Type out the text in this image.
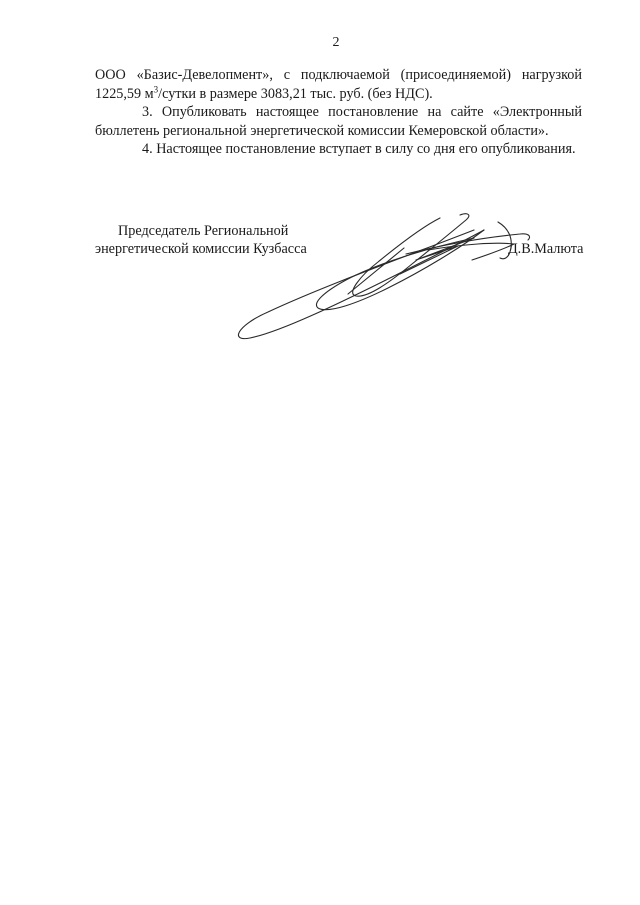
2

ООО «Базис-Девелопмент», с подключаемой (присоединяемой) нагрузкой 1225,59 $м^3$/сутки в размере 3083,21 тыс. руб. (без НДС).

3. Опубликовать настоящее постановление на сайте «Электронный бюллетень региональной энергетической комиссии Кемеровской области».

4. Настоящее постановление вступает в силу со дня его опубликования.

Председатель Региональной
энергетической комиссии Кузбасса	Д.В.Малюта
